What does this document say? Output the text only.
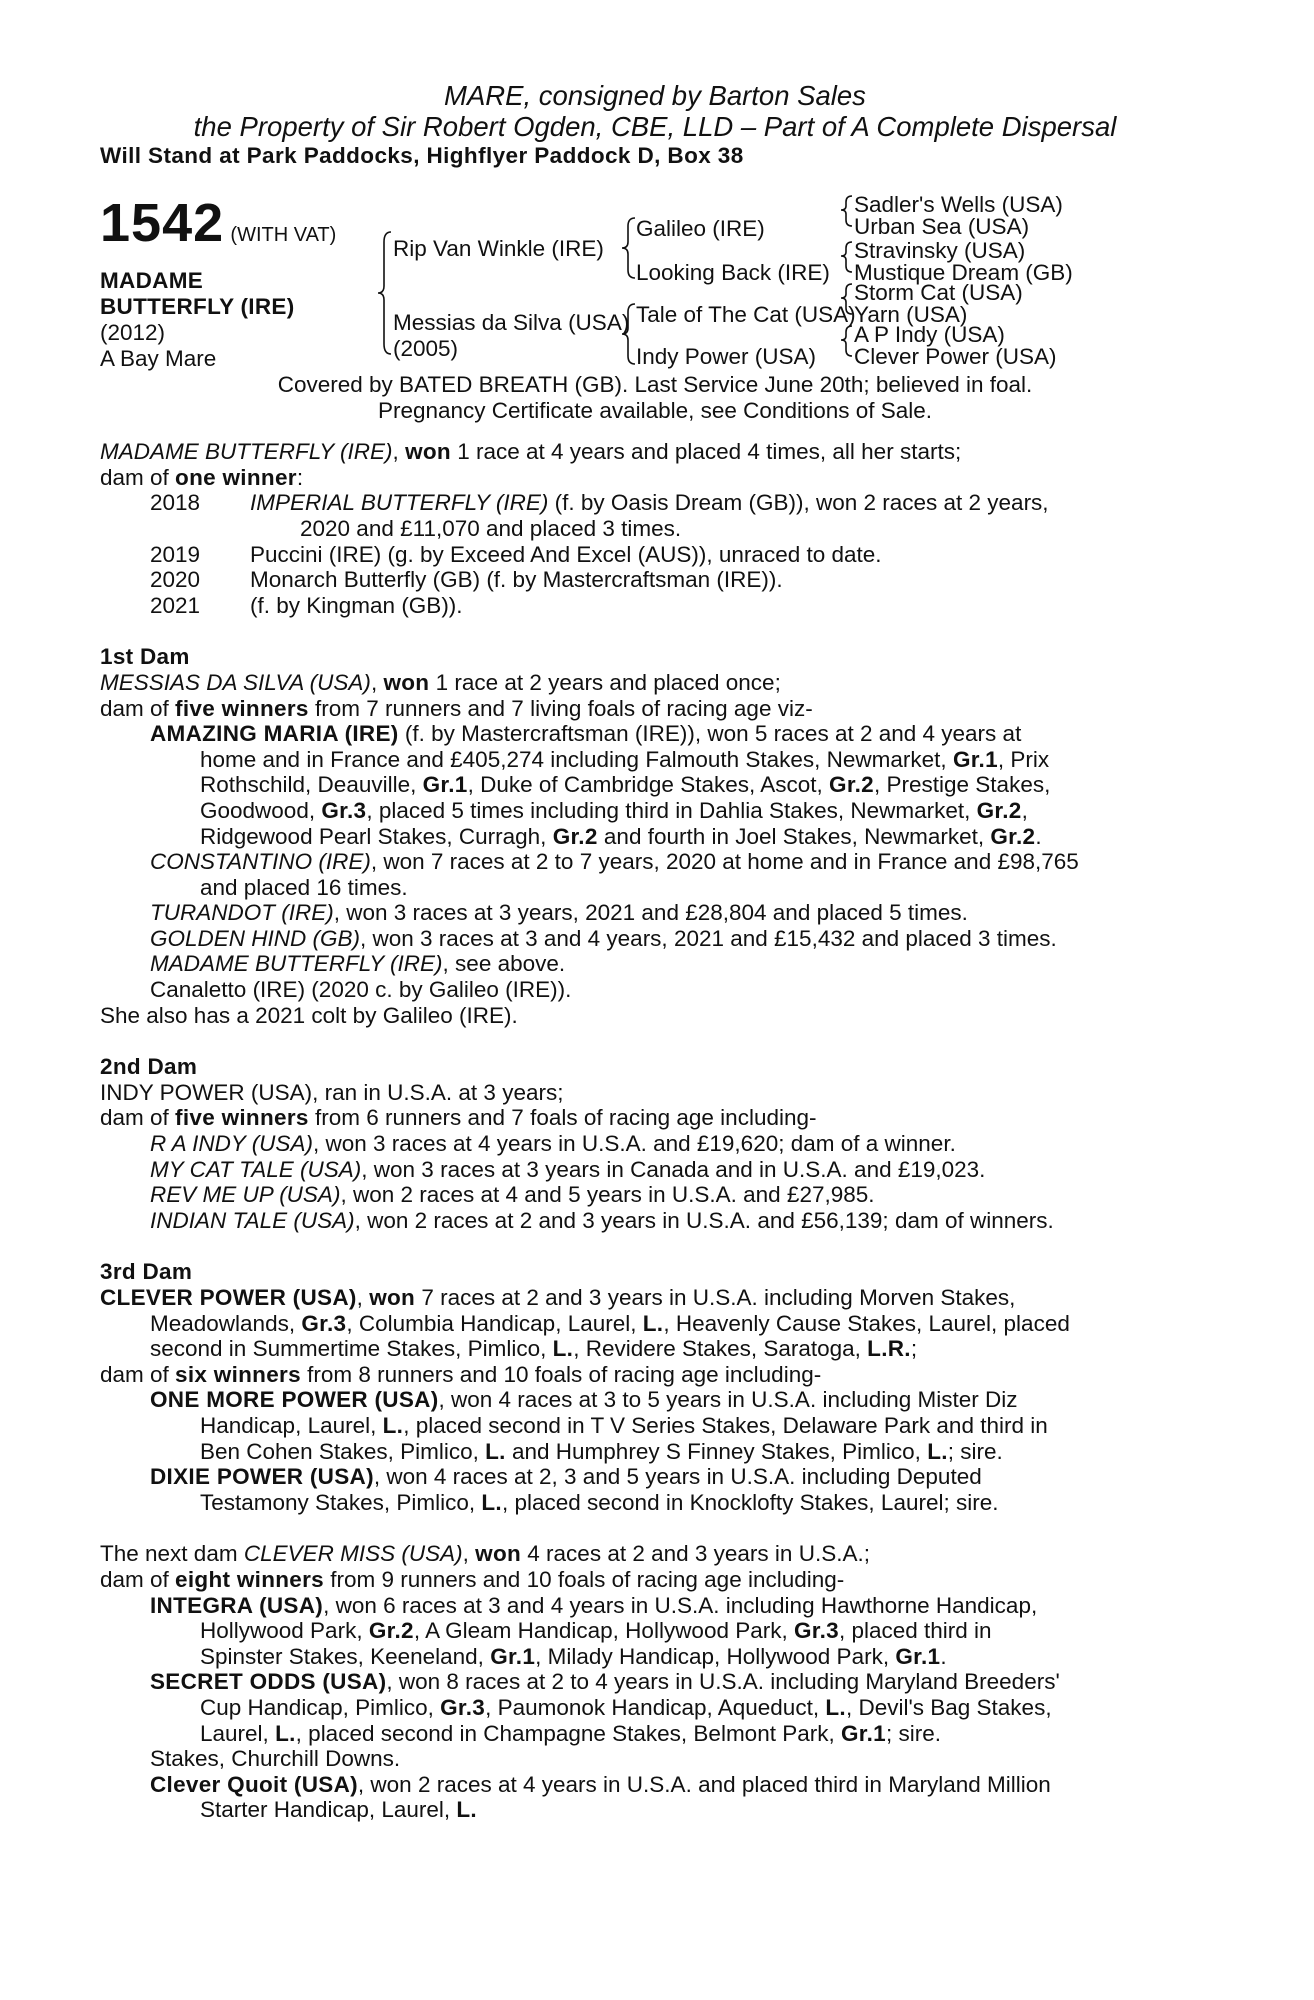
MARE, consigned by Barton Sales
the Property of Sir Robert Ogden, CBE, LLD – Part of A Complete Dispersal
Will Stand at Park Paddocks, Highflyer Paddock D, Box 38
1542 (WITH VAT)
MADAME
BUTTERFLY (IRE)
(2012)
A Bay Mare
Rip Van Winkle (IRE)
Messias da Silva (USA)
(2005)
Galileo (IRE)
Looking Back (IRE)
Tale of The Cat (USA)
Indy Power (USA)
Sadler's Wells (USA)
Urban Sea (USA)
Stravinsky (USA)
Mustique Dream (GB)
Storm Cat (USA)
Yarn (USA)
A P Indy (USA)
Clever Power (USA)
Covered by BATED BREATH (GB). Last Service June 20th; believed in foal.
Pregnancy Certificate available, see Conditions of Sale.
MADAME BUTTERFLY (IRE), won 1 race at 4 years and placed 4 times, all her starts;
dam of one winner:
2018 IMPERIAL BUTTERFLY (IRE) (f. by Oasis Dream (GB)), won 2 races at 2 years,
2020 and £11,070 and placed 3 times.
2019 Puccini (IRE) (g. by Exceed And Excel (AUS)), unraced to date.
2020 Monarch Butterfly (GB) (f. by Mastercraftsman (IRE)).
2021 (f. by Kingman (GB)).
1st Dam
MESSIAS DA SILVA (USA), won 1 race at 2 years and placed once;
dam of five winners from 7 runners and 7 living foals of racing age viz-
AMAZING MARIA (IRE) (f. by Mastercraftsman (IRE)), won 5 races at 2 and 4 years at
home and in France and £405,274 including Falmouth Stakes, Newmarket, Gr.1, Prix
Rothschild, Deauville, Gr.1, Duke of Cambridge Stakes, Ascot, Gr.2, Prestige Stakes,
Goodwood, Gr.3, placed 5 times including third in Dahlia Stakes, Newmarket, Gr.2,
Ridgewood Pearl Stakes, Curragh, Gr.2 and fourth in Joel Stakes, Newmarket, Gr.2.
CONSTANTINO (IRE), won 7 races at 2 to 7 years, 2020 at home and in France and £98,765
and placed 16 times.
TURANDOT (IRE), won 3 races at 3 years, 2021 and £28,804 and placed 5 times.
GOLDEN HIND (GB), won 3 races at 3 and 4 years, 2021 and £15,432 and placed 3 times.
MADAME BUTTERFLY (IRE), see above.
Canaletto (IRE) (2020 c. by Galileo (IRE)).
She also has a 2021 colt by Galileo (IRE).
2nd Dam
INDY POWER (USA), ran in U.S.A. at 3 years;
dam of five winners from 6 runners and 7 foals of racing age including-
R A INDY (USA), won 3 races at 4 years in U.S.A. and £19,620; dam of a winner.
MY CAT TALE (USA), won 3 races at 3 years in Canada and in U.S.A. and £19,023.
REV ME UP (USA), won 2 races at 4 and 5 years in U.S.A. and £27,985.
INDIAN TALE (USA), won 2 races at 2 and 3 years in U.S.A. and £56,139; dam of winners.
3rd Dam
CLEVER POWER (USA), won 7 races at 2 and 3 years in U.S.A. including Morven Stakes,
Meadowlands, Gr.3, Columbia Handicap, Laurel, L., Heavenly Cause Stakes, Laurel, placed
second in Summertime Stakes, Pimlico, L., Revidere Stakes, Saratoga, L.R.;
dam of six winners from 8 runners and 10 foals of racing age including-
ONE MORE POWER (USA), won 4 races at 3 to 5 years in U.S.A. including Mister Diz
Handicap, Laurel, L., placed second in T V Series Stakes, Delaware Park and third in
Ben Cohen Stakes, Pimlico, L. and Humphrey S Finney Stakes, Pimlico, L.; sire.
DIXIE POWER (USA), won 4 races at 2, 3 and 5 years in U.S.A. including Deputed
Testamony Stakes, Pimlico, L., placed second in Knocklofty Stakes, Laurel; sire.
The next dam CLEVER MISS (USA), won 4 races at 2 and 3 years in U.S.A.;
dam of eight winners from 9 runners and 10 foals of racing age including-
INTEGRA (USA), won 6 races at 3 and 4 years in U.S.A. including Hawthorne Handicap,
Hollywood Park, Gr.2, A Gleam Handicap, Hollywood Park, Gr.3, placed third in
Spinster Stakes, Keeneland, Gr.1, Milady Handicap, Hollywood Park, Gr.1.
SECRET ODDS (USA), won 8 races at 2 to 4 years in U.S.A. including Maryland Breeders'
Cup Handicap, Pimlico, Gr.3, Paumonok Handicap, Aqueduct, L., Devil's Bag Stakes,
Laurel, L., placed second in Champagne Stakes, Belmont Park, Gr.1; sire.
Stakes, Churchill Downs.
Clever Quoit (USA), won 2 races at 4 years in U.S.A. and placed third in Maryland Million
Starter Handicap, Laurel, L.
